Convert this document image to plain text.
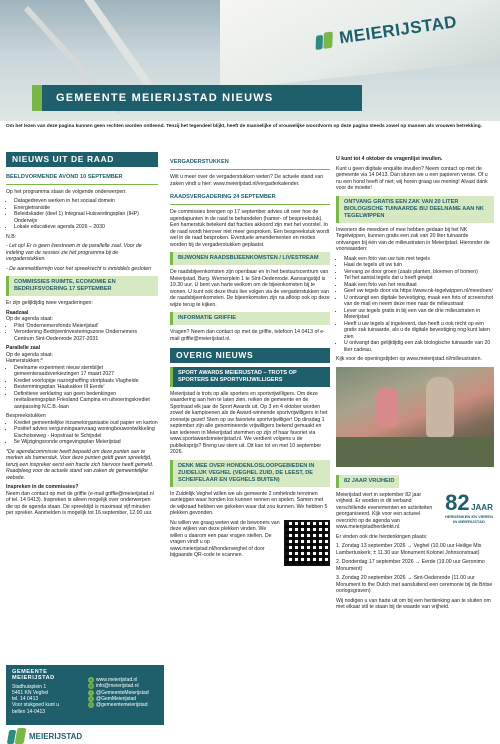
MEIERIJSTAD
GEMEENTE MEIERIJSTAD NIEUWS
Om het lezen van deze pagina kunnen geen rechten worden ontleend. Tenzij het tegendeel blijkt, heeft de mannelijke of vrouwelijke woordvorm op deze pagina steeds zowel op mannen als vrouwen betrekking.
NIEUWS UIT DE RAAD
BEELDVORMENDE AVOND 10 SEPTEMBER

Op het programma staan de volgende onderwerpen:

• Datagedreven werken in het sociaal domein
• Energietransitie
• Beleidskader (deel 1) Integraal Huisvestingsplan (IHP) Onderwijs
• Lokale educatieve agenda 2026 – 2030

N.B:

- Let op! Er is geen livestream in de parallelle zaal. Voor de indeling van de sessies zie het programma bij de vergaderstukken.

- De aanmeldtermijn voor het spreekrecht is inmiddels gesloten

COMMISSIES RUIMTE, ECONOMIE EN BEDRIJFSVOERING 17 SEPTEMBER

Er zijn gelijktijdig twee vergaderingen:

Raadzaal

Op de agenda staat:

• Pilot 'Ondernemersfonds Meierijstad'
• Verordening Bedrijveninvesteringszone Ondernemers Centrum Sint-Oedenrode 2027-2031

Parallelle zaal

Op de agenda staat:

Hamerstukken:*

• Deelname experiment nieuw stembiljet gemeenteraadsverkiezingen 17 maart 2027
• Krediet voorlopige nazorgheffing stortplaats Vlagheide
• Bestemmingsplan 'Haakakker III Eerde'
• Definitieve verklaring van geen bedenkingen revitaliseringsplan Friesland Campina en uitvoeringskrediet aanpassing N.C.B.-laan

Bespreekstukken

• Krediet gemeentelijke inzamelorganisatie oud papier en karton
• Positief advies vergunningaanvraag woningbouwontwikkeling Eischotseweg - Hopstraat te Schijndel
• 5e Wijzigingsronde omgevingsplan Meierijstad

*De agendacommissie heeft bepaald om deze punten aan te merken als hamerstuk. Voor deze punten geldt geen spreektijd, tenzij een inspreker eerst een fractie zich hiervoor heeft gemeld. Raadpleeg voor de actuele stand van zaken de gemeentelijke website.

Inspreken in de commissies?

Neem dan contact op met de griffie (e-mail griffie@meierijstad.nl of tel. 14 0413). Inspreken is alleen mogelijk over onderwerpen die op de agenda staan. De spreektijd is maximaal vijf minuten per spreker. Aanmelden is mogelijk tot 16 september, 12.00 uur.

GEMEENTE MEIERIJSTAD
Stadhuisplein 1
5461 KN Veghel
tel. 14 0413
Voor stukgoed kunt u
bellen 14-0413
● www.meierijstad.nl
@ info@meierijstad.nl
f @GemeenteMeierijstad
x @GemMeierijstad
◎ @gemeentemeierijstad
MEIERIJSTAD
VERGADERSTUKKEN

Wilt u meer over de vergaderstukken weten? De actuele stand van zaken vindt u hier: www.meierijstad.nl/vergaderkalender.

RAADSVERGADERING 24 SEPTEMBER

De commissies brengen op 17 september advies uit over hoe de agendapunten in de raad te behandelen (hamer- of bespreekstuk). Een hamerstuk betekent dat fracties akkoord zijn met het voorstel. In de raad wordt hierover niet meer gesproken. Een bespreekstuk wordt wel in de raad besproken. Eventuele amendementen en moties worden bij de vergaderstukken geplaatst.

BIJWONEN RAADSBIJEENKOMSTEN / LIVESTREAM

De raadsbijeenkomsten zijn openbaar en in het bestuurscentrum van Meierijstad, Burg. Wernerplein 1 te Sint-Oedenrode. Aanvangstijd is 19.30 uur. U bent van harte welkom om de bijeenkomsten bij te wonen. U kunt ook deze thuis live volgen via de vergaderstukken van de raadsbijeenkomsten. De bijeenkomsten zijn na afloop ook op deze wijze terug te kijken.

INFORMATIE GRIFFIE

Vragen? Neem dan contact op met de griffie, telefoon 14 0413 of e-mail griffie@meierijstad.nl.

OVERIG NIEUWS
SPORT AWARDS MEIERIJSTAD – TROTS OP SPORTERS EN SPORTVRIJWILLIGERS

Meierijstad is trots op alle sporters en sportvrijwilligers. Om deze waardering aan hen te laten zien, reiken de gemeente en de Sportraad elk jaar de Sport Awards uit. Op 3 en 4 oktober worden zowel de kampioenen als de Award-winnende sportvrijwilligers in het zonnetje gezet! Stem op uw favoriete sportvrijwilliger! Op dinsdag 1 september zijn alle genomineerde vrijwilligers bekend gemaakt en kan iedereen in Meierijstad stemmen op zijn of haar favoriet via www.sportawardsmeierijstad.nl. We verdient volgens u de publieksprijs? Breng uw stem uit. Dit kan tot en met 10 september 2026.

DENK MEE OVER HONDENLOSLOOPGEBIEDEN IN ZUIDELIJK VEGHEL (VEGHEL ZUID, DE LEEST, DE SCHEIFELAAR EN VEGHELS BUITEN)

In Zuidelijk Veghel willen we als gemeente 2 omheinde terreinen aanleggen waar honden los kunnen rennen en spelen. Samen met de wijkraad hebben we gekeken waar dat zou kunnen. We hebben 5 plekken gevonden.

Nu willen we graag weten wat de bewoners van deze wijken van deze plekken vinden. We willen u daarom een paar vragen stellen. De vragen vindt u op www.meierijstad.nl/hondenveghel of door bijgaande QR-code te scannen.

U kunt tot 4 oktober de vragenlijst invullen.

Kunt u geen digitale enquête invullen? Neem contact op met de gemeente via 14 0413. Dan sturen we u een papieren versie. Of u nu een hond heeft of niet; wij horen graag uw mening! Alvast dank voor de moeite!

ONTVANG GRATIS EEN ZAK VAN 20 LITER BIOLOGISCHE TUINAARDE BIJ DEELNAME AAN NK TEGELWIPPEN

Inwoners die meedoen of mee hebben gedaan bij het NK Tegelwippen, kunnen gratis een zak van 20 liter tuinaarde ontvangen bij één van de milieustraten in Meierijstad. Hieronder de voorwaarden:

• Maak een foto van uw tuin met tegels
• Haal de tegels uit uw tuin
• Vervang ze door groen (zaals planten, bloemen of bomen)
• Tel het aantal tegels dat u heeft gewipt
• Maak een foto van het resultaat
• Geef uw tegels door via https://www.nk-tegelwippen.nl/meedoen/
• U ontvangt een digitale bevestiging, maak een foto of screenshot van de mail en neem deze mee naar de milieustraat
• Lever uw tegels gratis in bij een van de drie milieustraten in Meierijstad
• Heeft u uw tegels al ingeleverd, dan heeft u ook recht op een gratis zak tuinaarde, als u de digitale bevestiging nog kunt laten zien
• U ontvangt dan gelijktijdig een zak biologische tuinaarde van 20 liter cadeau.

Kijk voor de openingstijden op www.meierijstad.nl/milieustraten.

82 JAAR VRIJHEID

Meierijstad viert in september 82 jaar vrijheid. Er worden in dit verband verschillende evenementen en activiteiten georganiseerd. Kijk voor een actueel overzicht op de agenda van www.meierijstadherdenkt.nl.

82 JAAR
HERDENKEN EN VIEREN IN MEIERIJSTAD

Er vinden ook drie herdenkingen plaats:

1. Zondag 13 september 2026 → Veghel (10.00 uur Heilige Mis Lambertuskerk; ± 11.30 uur Monument Kolonel Johnsonstraat)

2. Donderdag 17 september 2026 → Eerde (19.00 uur Geronimo Monument)

3. Zondag 20 september 2026 → Sint-Oedenrode (11.00 uur Monument to the Dutch met aansluitend een ceremonie bij de Britse oorlogsgraven)

Wij nodigen u van harte uit om bij een herdenking aan te sluiten om met elkaar stil te staan bij de waarde van vrijheid.
